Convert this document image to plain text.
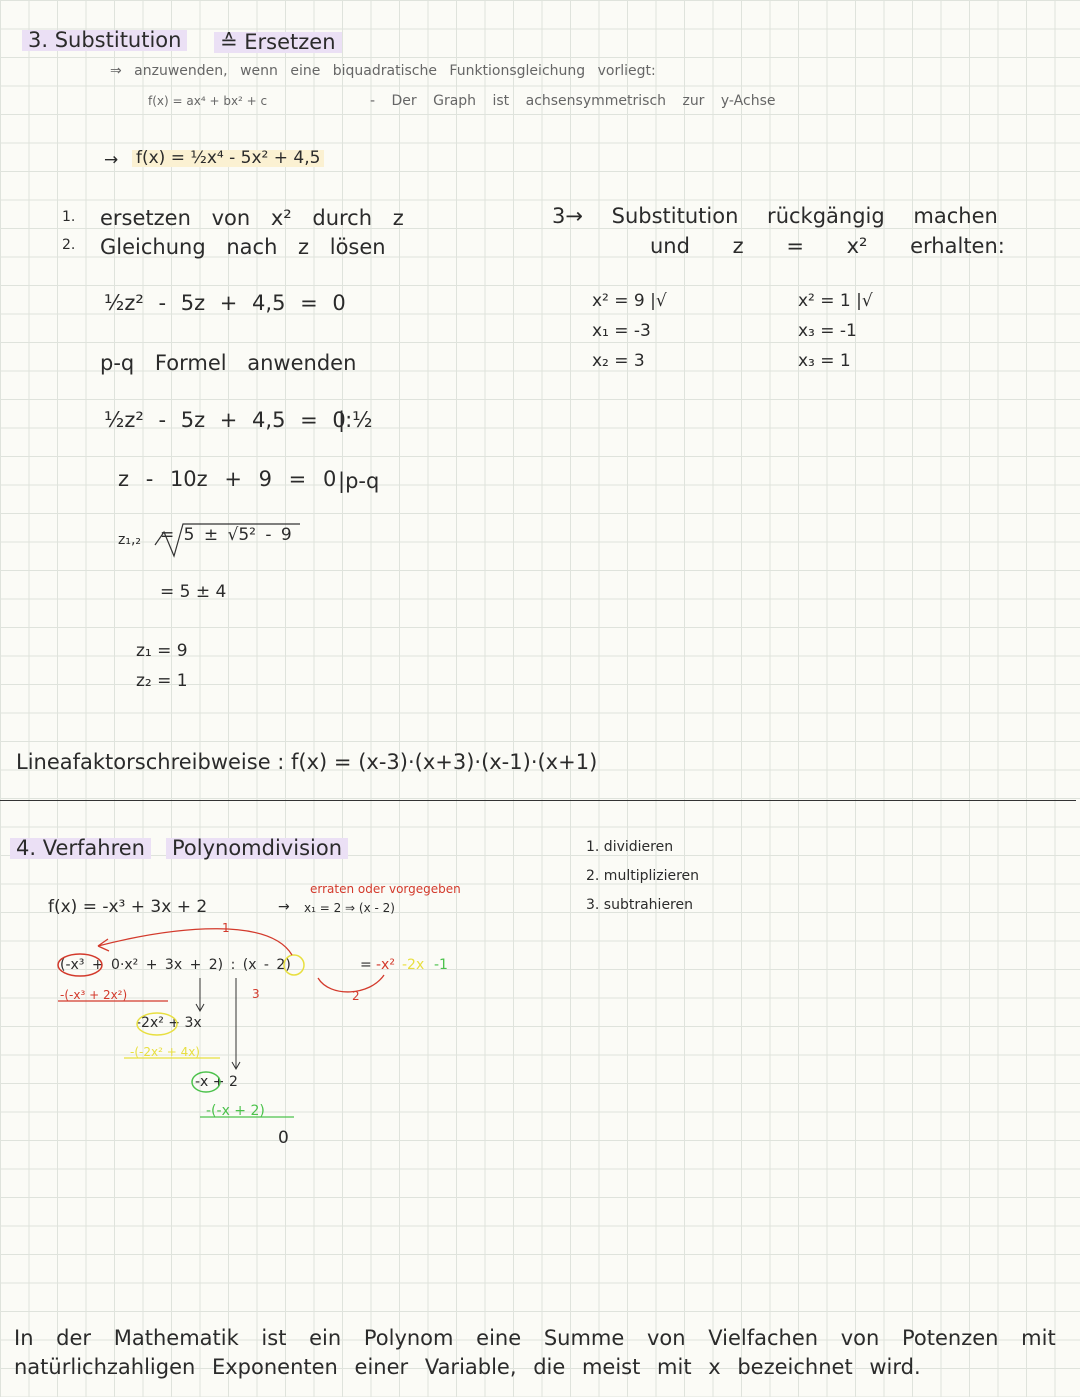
3. Substitution ≙ Ersetzen
⇒ anzuwenden, wenn eine biquadratische Funktionsgleichung vorliegt:
f(x) = ax⁴ + bx² + c	- Der Graph ist achsensymmetrisch zur y-Achse
→ f(x) = ½x⁴ - 5x² + 4,5
1. ersetzen von x² durch z
2. Gleichung nach z lösen
½z² - 5z + 4,5 = 0
p-q Formel anwenden
½z² - 5z + 4,5 = 0
|:½
z - 10z + 9 = 0 |p-q
z₁,₂ = 5 ± √5² - 9
= 5 ± 4
z₁ = 9
z₂ = 1
3→ Substitution rückgängig machen
und z = x² erhalten:
x² = 9 |√
x₁ = -3
x₂ = 3
x² = 1 |√
x₃ = -1
x₃ = 1
Lineafaktorschreibweise : f(x) = (x-3)·(x+3)·(x-1)·(x+1)
4. Verfahren Polynomdivision	1. dividieren
2. multiplizieren
3. subtrahieren
f(x) = -x³ + 3x + 2
erraten oder vorgegeben
→ x₁ = 2 ⇒ (x - 2)
(-x³ + 0·x² + 3x + 2) : (x - 2)	= -x² -2x -1
-(-x³ + 2x²)
-2x² + 3x
-(-2x² + 4x)
-x + 2
-(-x + 2)
0
1
2
3
In der Mathematik ist ein Polynom eine Summe von Vielfachen von Potenzen mit
natürlichzahligen Exponenten einer Variable, die meist mit x bezeichnet wird.
